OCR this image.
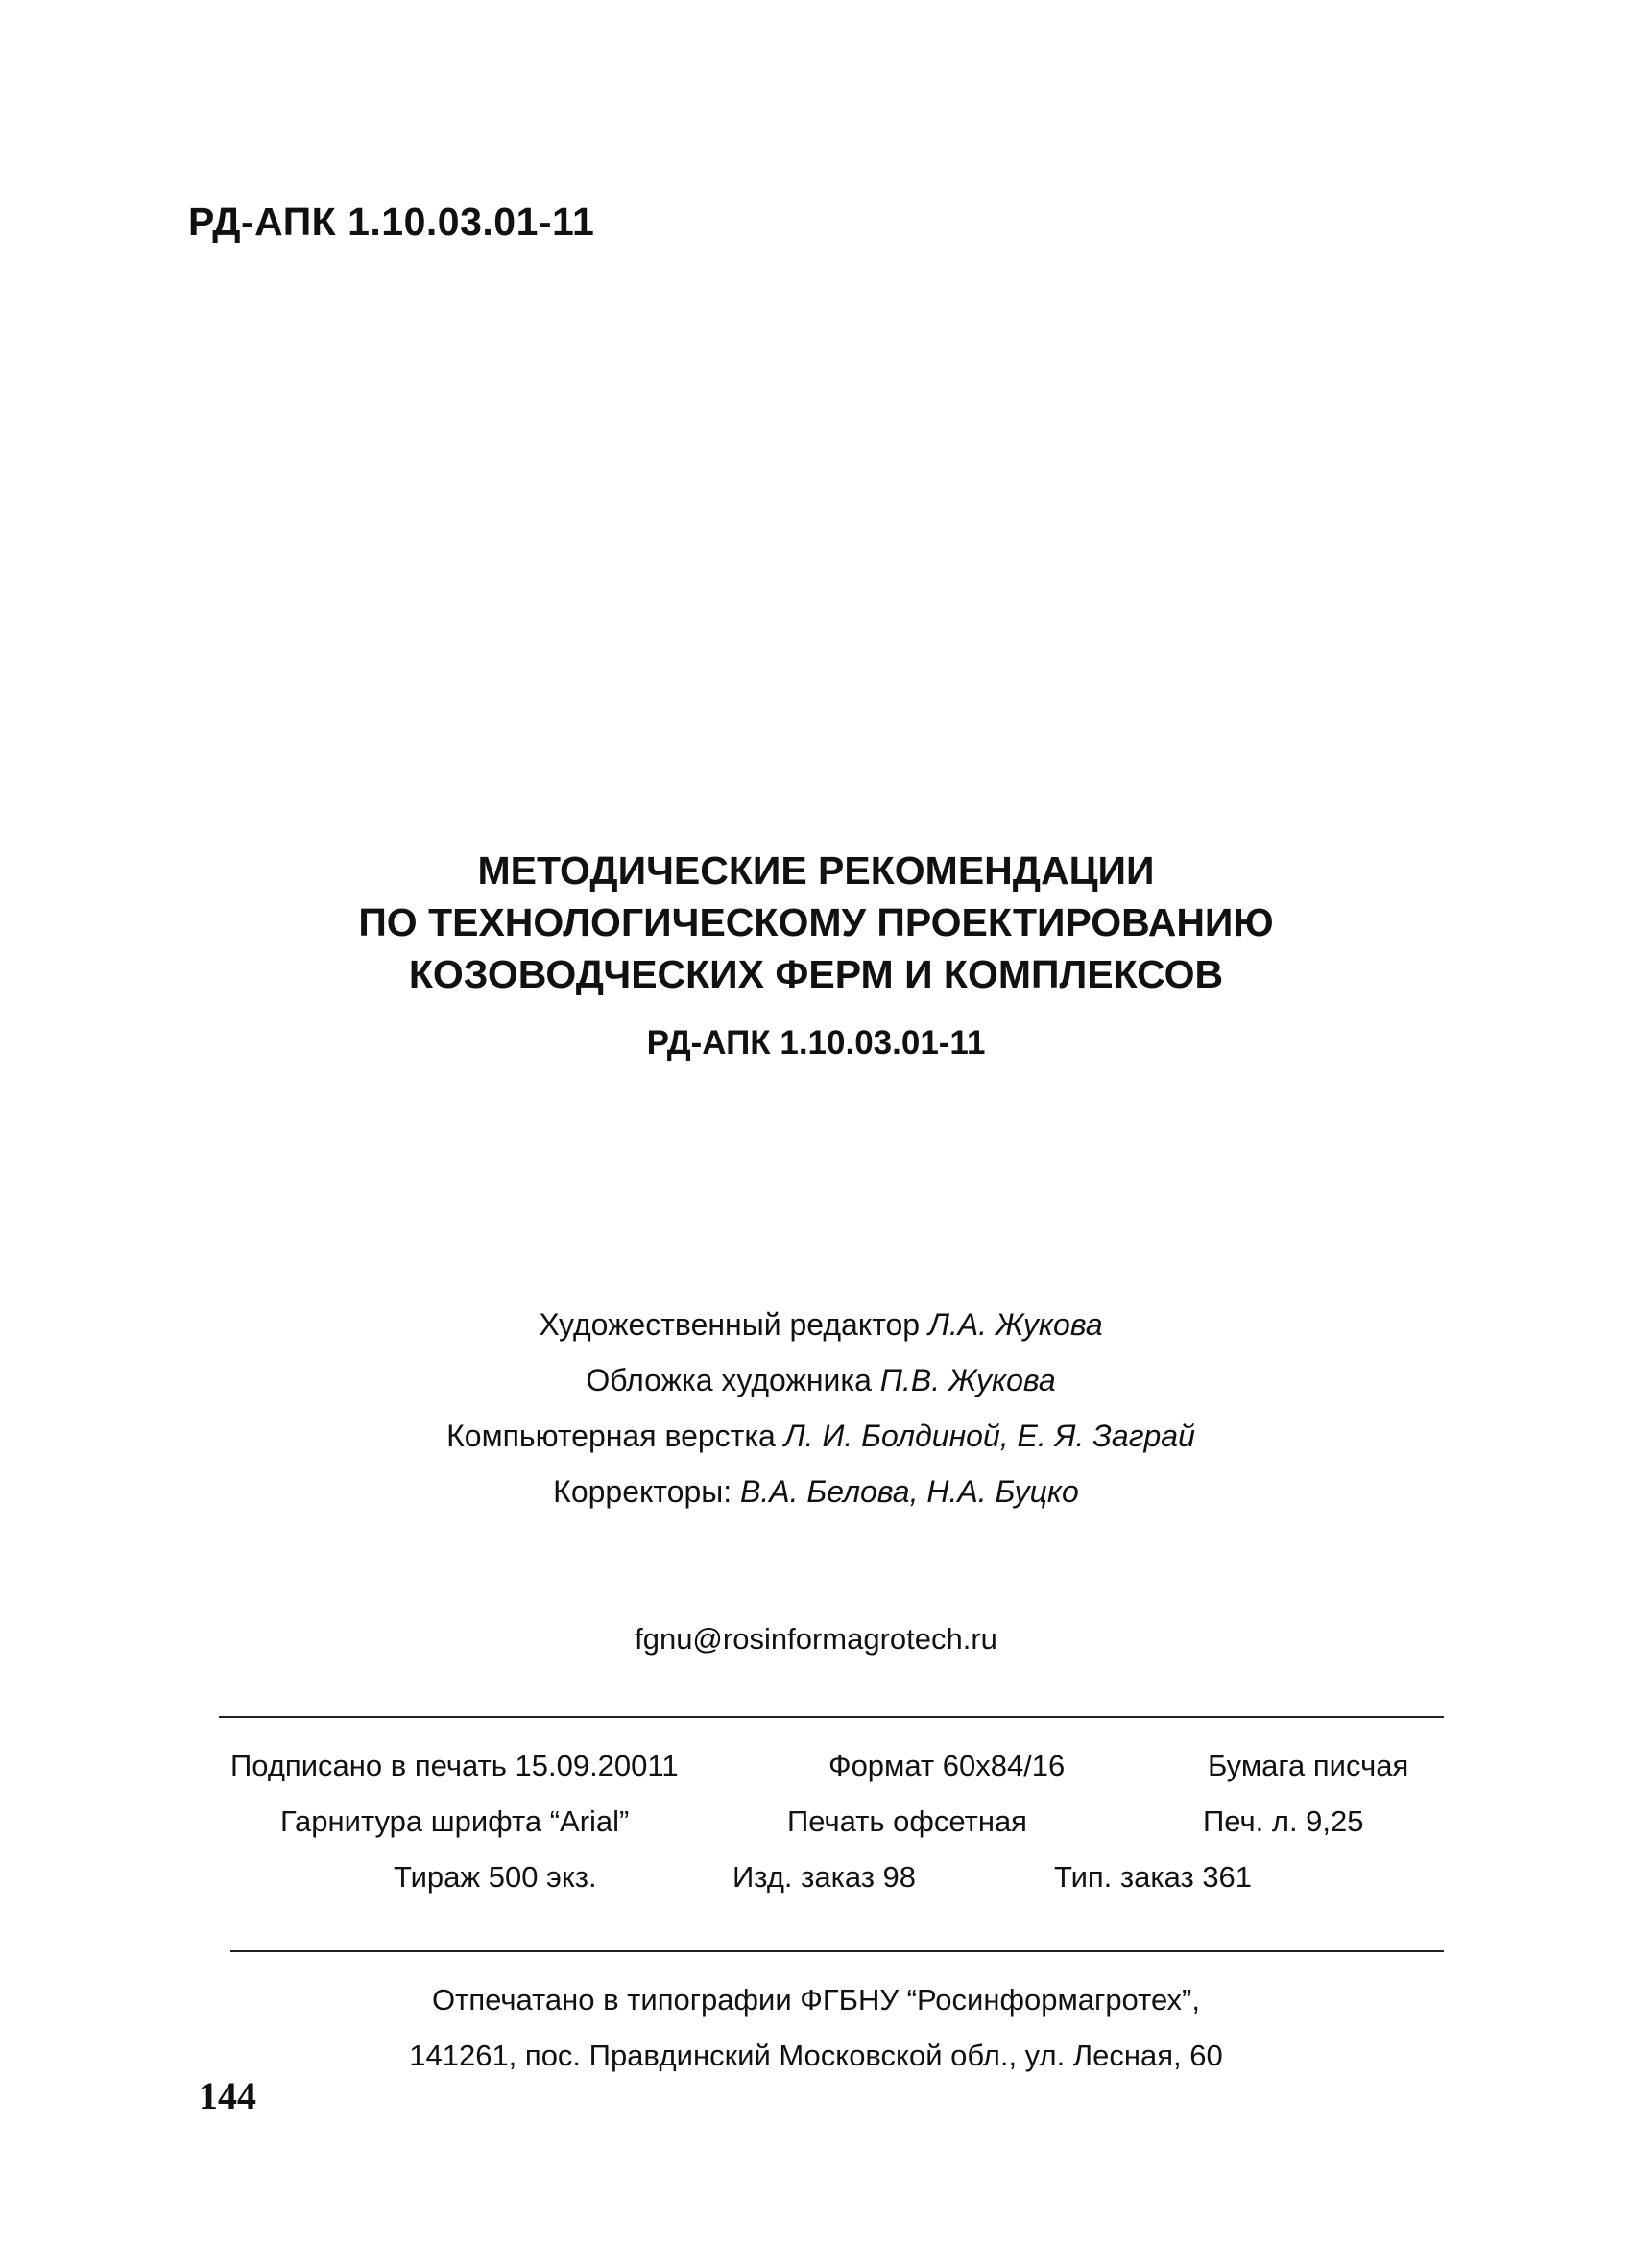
РД-АПК 1.10.03.01-11
МЕТОДИЧЕСКИЕ РЕКОМЕНДАЦИИ
ПО ТЕХНОЛОГИЧЕСКОМУ ПРОЕКТИРОВАНИЮ
КОЗОВОДЧЕСКИХ ФЕРМ И КОМПЛЕКСОВ
РД-АПК 1.10.03.01-11
Художественный редактор Л.А. Жукова
Обложка художника П.В. Жукова
Компьютерная верстка Л. И. Болдиной, Е. Я. Заграй
Корректоры: В.А. Белова, Н.А. Буцко
fgnu@rosinformagrotech.ru
Подписано в печать 15.09.20011	Формат 60х84/16	Бумага писчая
Гарнитура шрифта “Arial”	Печать офсетная	Печ. л. 9,25
Тираж 500 экз.	Изд. заказ 98	Тип. заказ 361
Отпечатано в типографии ФГБНУ “Росинформагротех”,
141261, пос. Правдинский Московской обл., ул. Лесная, 60
144
